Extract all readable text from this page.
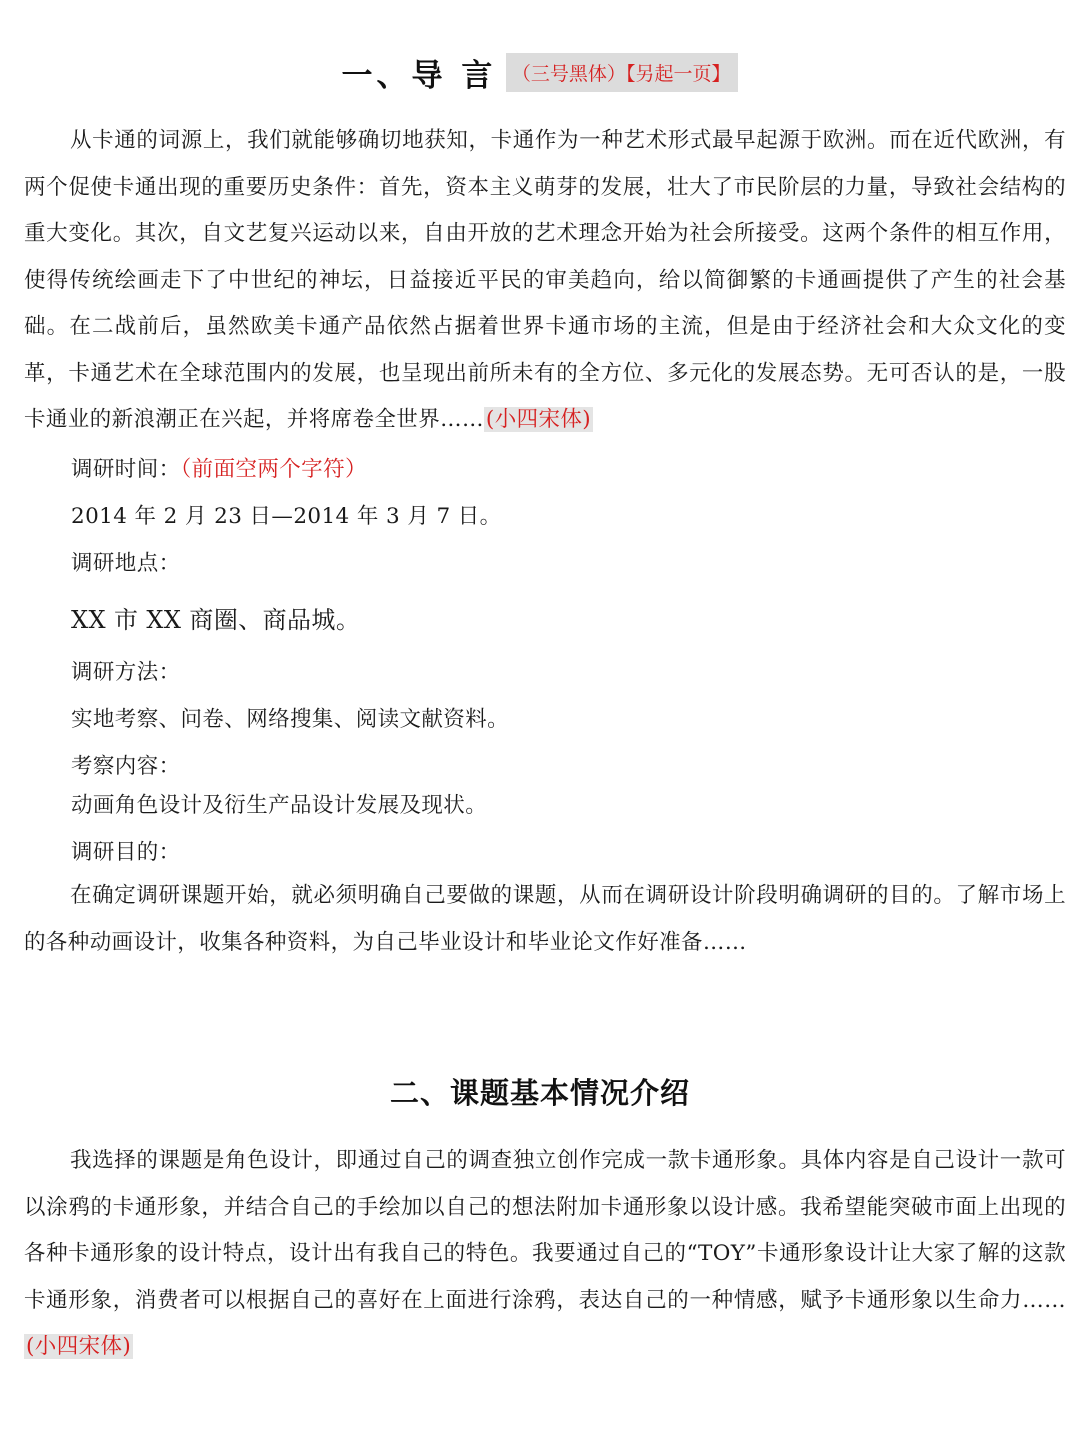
一、导 言 （三号黑体）【另起一页】

从卡通的词源上，我们就能够确切地获知，卡通作为一种艺术形式最早起源于欧洲。而在近代欧洲，有两个促使卡通出现的重要历史条件：首先，资本主义萌芽的发展，壮大了市民阶层的力量，导致社会结构的重大变化。其次，自文艺复兴运动以来，自由开放的艺术理念开始为社会所接受。这两个条件的相互作用，使得传统绘画走下了中世纪的神坛，日益接近平民的审美趋向，给以简御繁的卡通画提供了产生的社会基础。在二战前后，虽然欧美卡通产品依然占据着世界卡通市场的主流，但是由于经济社会和大众文化的变革，卡通艺术在全球范围内的发展，也呈现出前所未有的全方位、多元化的发展态势。无可否认的是，一股卡通业的新浪潮正在兴起，并将席卷全世界……(小四宋体)

调研时间：（前面空两个字符）

2014 年 2 月 23 日—2014 年 3 月 7 日。

调研地点：

XX 市 XX 商圈、商品城。

调研方法：

实地考察、问卷、网络搜集、阅读文献资料。

考察内容：

动画角色设计及衍生产品设计发展及现状。

调研目的：

在确定调研课题开始，就必须明确自己要做的课题，从而在调研设计阶段明确调研的目的。了解市场上的各种动画设计，收集各种资料，为自己毕业设计和毕业论文作好准备……

二、课题基本情况介绍

我选择的课题是角色设计，即通过自己的调查独立创作完成一款卡通形象。具体内容是自己设计一款可以涂鸦的卡通形象，并结合自己的手绘加以自己的想法附加卡通形象以设计感。我希望能突破市面上出现的各种卡通形象的设计特点，设计出有我自己的特色。我要通过自己的“TOY”卡通形象设计让大家了解的这款卡通形象，消费者可以根据自己的喜好在上面进行涂鸦，表达自己的一种情感，赋予卡通形象以生命力……(小四宋体)
